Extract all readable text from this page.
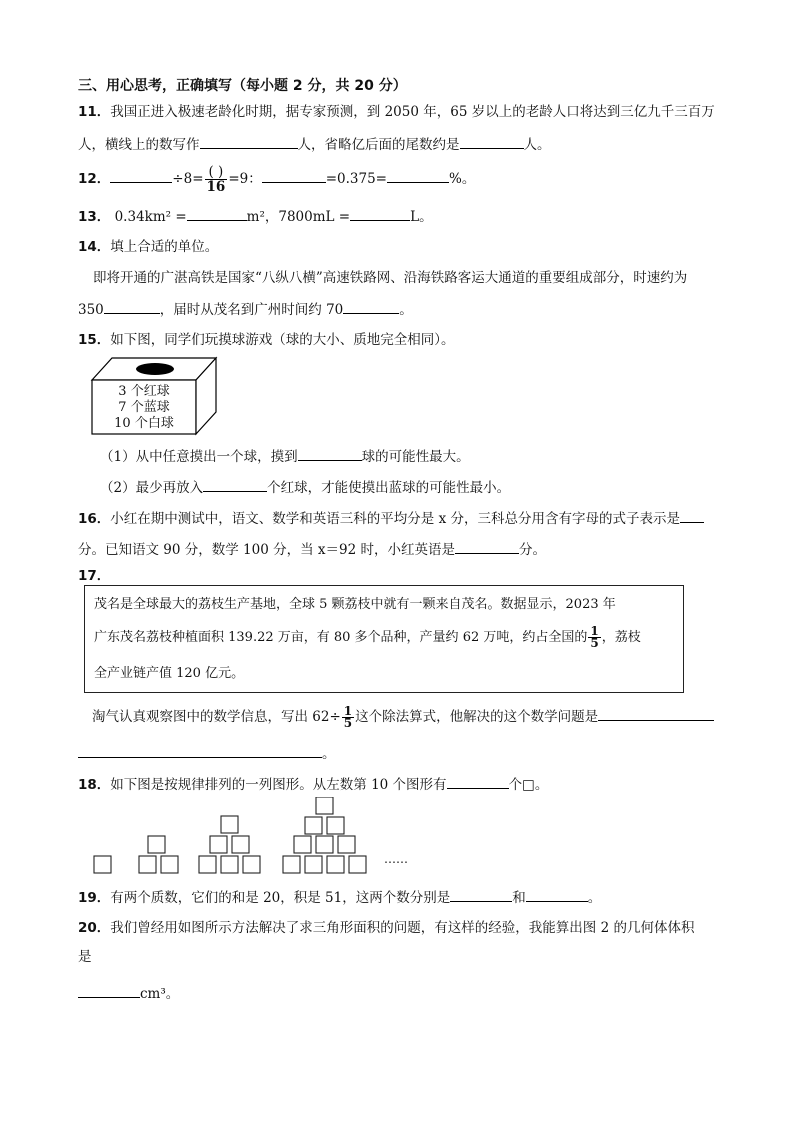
三、用心思考，正确填写（每小题 2 分，共 20 分）
11．我国正进入极速老龄化时期，据专家预测，到 2050 年，65 岁以上的老龄人口将达到三亿九千三百万
人，横线上的数写作	人，省略亿后面的尾数约是	人。
12．	$\div 8= \frac{( )}{16} =9$：	=0.375=	%。
13． 0.34km² =	m²，7800mL =	L。
14．填上合适的单位。
即将开通的广湛高铁是国家“八纵八横”高速铁路网、沿海铁路客运大通道的重要组成部分，时速约为
350	，届时从茂名到广州时间约 70	。
15．如下图，同学们玩摸球游戏（球的大小、质地完全相同）。
3 个红球
7 个蓝球
10 个白球
（1）从中任意摸出一个球，摸到	球的可能性最大。
（2）最少再放入	个红球，才能使摸出蓝球的可能性最小。
16．小红在期中测试中，语文、数学和英语三科的平均分是 x 分，三科总分用含有字母的式子表示是
分。已知语文 90 分，数学 100 分，当 x＝92 时，小红英语是	分。
17．
茂名是全球最大的荔枝生产基地，全球 5 颗荔枝中就有一颗来自茂名。数据显示，2023 年
广东茂名荔枝种植面积 139.22 万亩，有 80 多个品种，产量约 62 万吨，约占全国的 $\frac{1}{5}$ ，荔枝
全产业链产值 120 亿元。
淘气认真观察图中的数学信息，写出 $62\div \frac{1}{5}$ 这个除法算式，他解决的这个数学问题是
。
18．如下图是按规律排列的一列图形。从左数第 10 个图形有	个□。
……
19．有两个质数，它们的和是 20，积是 51，这两个数分别是	和	。
20．我们曾经用如图所示方法解决了求三角形面积的问题，有这样的经验，我能算出图 2 的几何体体积
是
cm³。
